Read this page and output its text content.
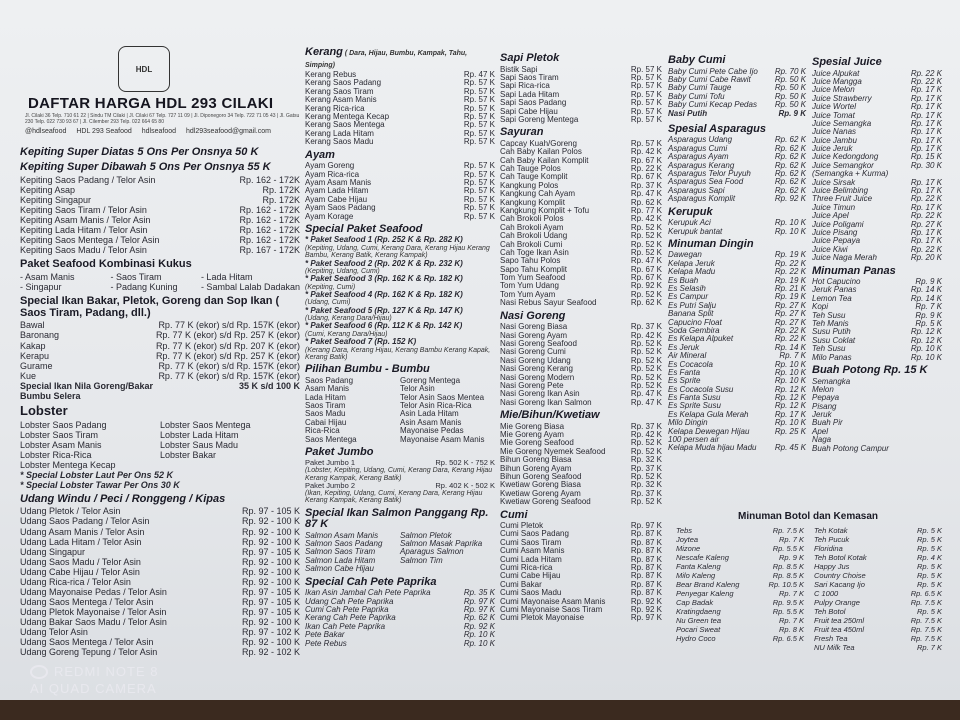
HDL
DAFTAR HARGA HDL 293 CILAKI
Jl. Cilaki 36 Telp. 710 61 22 | Sindu TM Cilaki | Jl. Cilaki 67 Telp. 727 11 09 | Jl. Diponegoro 34 Telp. 722 71 05 43 | Jl. Gatsu 230 Telp. 022 730 93 67 | Jl. Cilember 293 Telp. 022 664 65 80
@hdlseafood HDL 293 Seafood hdlseafood hdl293seafood@gmail.com
Kepiting Super Diatas 5 Ons Per Onsnya 50 K
Kepiting Super Dibawah 5 Ons Per Onsnya 55 K
Kepiting Saos Padang / Telor Asin	Rp. 162 - 172K
Kepiting Asap	Rp. 172K
Kepiting Singapur	Rp. 172K
Kepiting Saos Tiram / Telor Asin	Rp. 162 - 172K
Kepiting Asam Manis / Telor Asin	Rp. 162 - 172K
Kepiting Lada Hitam / Telor Asin	Rp. 162 - 172K
Kepiting Saos Mentega / Telor Asin	Rp. 162 - 172K
Kepiting Saos Madu / Telor Asin	Rp. 167 - 172K
Paket Seafood Kombinasi Kukus
- Asam Manis	- Saos Tiram	- Lada Hitam
- Singapur	- Padang Kuning	- Sambal Lalab Dadakan
Special Ikan Bakar, Pletok, Goreng dan Sop Ikan ( Saos Tiram, Padang, dll.)
Bawal	Rp. 77 K (ekor) s/d Rp. 157K (ekor)
Baronang	Rp. 77 K (ekor) s/d Rp. 257 K (ekor)
Kakap	Rp. 77 K (ekor) s/d Rp. 207 K (ekor)
Kerapu	Rp. 77 K (ekor) s/d Rp. 257 K (ekor)
Gurame	Rp. 77 K (ekor) s/d Rp. 157K (ekor)
Kue	Rp. 77 K (ekor) s/d Rp. 157K (ekor)
Special Ikan Nila Goreng/Bakar	35 K s/d 100 K
Bumbu Selera
Lobster
Lobster Saos Padang	Lobster Saos Mentega
Lobster Saos Tiram	Lobster Lada Hitam
Lobster Asam Manis	Lobster Saus Madu
Lobster Rica-Rica	Lobster Bakar
Lobster Mentega Kecap
* Special Lobster Laut Per Ons 52 K
* Special Lobster Tawar Per Ons 30 K
Udang Windu / Peci / Ronggeng / Kipas
Udang Pletok / Telor Asin	Rp. 97 - 105 K
Udang Saos Padang / Telor Asin	Rp. 92 - 100 K
Udang Asam Manis / Telor Asin	Rp. 92 - 100 K
Udang Lada Hitam / Telor Asin	Rp. 92 - 100 K
Udang Singapur	Rp. 97 - 105 K
Udang Saos Madu / Telor Asin	Rp. 92 - 100 K
Udang Cabe Hijau / Telor Asin	Rp. 92 - 100 K
Udang Rica-rica / Telor Asin	Rp. 92 - 100 K
Udang Mayonaise Pedas / Telor Asin	Rp. 97 - 105 K
Udang Saos Mentega / Telor Asin	Rp. 97 - 105 K
Udang Pletok Mayonaise / Telor Asin	Rp. 97 - 105 K
Udang Bakar Saos Madu / Telor Asin	Rp. 92 - 100 K
Udang Telor Asin	Rp. 97 - 102 K
Udang Saos Mentega / Telor Asin	Rp. 92 - 100 K
Udang Goreng Tepung / Telor Asin	Rp. 92 - 102 K
Kerang ( Dara, Hijau, Bumbu, Kampak, Tahu, Simping)
Kerang Rebus	Rp. 47 K
Kerang Saos Padang	Rp. 57 K
Kerang Saos Tiram	Rp. 57 K
Kerang Asam Manis	Rp. 57 K
Kerang Rica-rica	Rp. 57 K
Kerang Mentega Kecap	Rp. 57 K
Kerang Saos Mentega	Rp. 57 K
Kerang Lada Hitam	Rp. 57 K
Kerang Saos Madu	Rp. 57 K
Ayam
Ayam Goreng	Rp. 57 K
Ayam Rica-rica	Rp. 57 K
Ayam Asam Manis	Rp. 57 K
Ayam Lada Hitam	Rp. 57 K
Ayam Cabe Hijau	Rp. 57 K
Ayam Saos Padang	Rp. 57 K
Ayam Korage	Rp. 57 K
Special Paket Seafood
* Paket Seafood 1 (Rp. 252 K & Rp. 282 K)
(Kepiting, Udang, Cumi, Kerang Dara, Kerang Hijau Kerang Bambu, Kerang Batik, Kerang Kampak)
* Paket Seafood 2 (Rp. 202 K & Rp. 232 K)
(Kepiting, Udang, Cumi)
* Paket Seafood 3 (Rp. 162 K & Rp. 182 K)
(Kepiting, Cumi)
* Paket Seafood 4 (Rp. 162 K & Rp. 182 K)
(Udang, Cumi)
* Paket Seafood 5 (Rp. 127 K & Rp. 147 K)
(Udang, Kerang Dara/Hijau)
* Paket Seafood 6 (Rp. 112 K & Rp. 142 K)
(Cumi, Kerang Dara/Hijau)
* Paket Seafood 7 (Rp. 152 K)
(Kerang Dara, Kerang Hijau, Kerang Bambu Kerang Kapak, Kerang Batik)
Pilihan Bumbu - Bumbu
Saos Padang	Goreng Mentega
Asam Manis	Telor Asin
Lada Hitam	Telor Asin Saos Mentea
Saos Tiram	Telor Asin Rica-Rica
Saos Madu	Asin Lada Hitam
Cabai Hijau	Asin Asam Manis
Rica-Rica	Mayonaise Pedas
Saos Mentega	Mayonaise Asam Manis
Paket Jumbo
Paket Jumbo 1	Rp. 502 K - 752 K
(Lobster, Kepiting, Udang, Cumi, Kerang Dara, Kerang Hijau Kerang Kampak, Kerang Batik)
Paket Jumbo 2	Rp. 402 K - 502 K
(Ikan, Kepiting, Udang, Cumi, Kerang Dara, Kerang Hijau Kerang Kampak, Kerang Batik)
Special Ikan Salmon Panggang Rp. 87 K
Salmon Asam Manis	Salmon Pletok
Salmon Saos Padang	Salmon Masak Paprika
Salmon Saos Tiram	Aparagus Salmon
Salmon Lada Hitam	Salmon Tim
Salmon Cabe Hijau
Special Cah Pete Paprika
Ikan Asin Jambal Cah Pete Paprika	Rp. 35 K
Udang Cah Pete Paprika	Rp. 97 K
Cumi Cah Pete Paprika	Rp. 97 K
Kerang Cah Pete Paprika	Rp. 62 K
Ikan Cah Pete Paprika	Rp. 92 K
Pete Bakar	Rp. 10 K
Pete Rebus	Rp. 10 K
Sapi Pletok
Bistik Sapi	Rp. 57 K
Sapi Saos Tiram	Rp. 57 K
Sapi Rica-rica	Rp. 57 K
Sapi Lada Hitam	Rp. 57 K
Sapi Saos Padang	Rp. 57 K
Sapi Cabe Hijau	Rp. 57 K
Sapi Goreng Mentega	Rp. 57 K
Sayuran
Capcay Kuah/Goreng	Rp. 57 K
Cah Baby Kailan Polos	Rp. 42 K
Cah Baby Kailan Komplit	Rp. 67 K
Cah Tauge Polos	Rp. 22 K
Cah Tauge Komplit	Rp. 67 K
Kangkung Polos	Rp. 37 K
Kangkung Cah Ayam	Rp. 47 K
Kangkung Komplit	Rp. 62 K
Kangkung Komplit + Tofu	Rp. 77 K
Cah Brokoli Polos	Rp. 42 K
Cah Brokoli Ayam	Rp. 52 K
Cah Brokoli Udang	Rp. 52 K
Cah Brokoli Cumi	Rp. 52 K
Cah Toge Ikan Asin	Rp. 52 K
Sapo Tahu Polos	Rp. 47 K
Sapo Tahu Komplit	Rp. 67 K
Tom Yum Seafood	Rp. 67 K
Tom Yum Udang	Rp. 92 K
Tom Yum Ayam	Rp. 52 K
Nasi Rebus Sayur Seafood	Rp. 62 K
Nasi Goreng
Nasi Goreng Biasa	Rp. 37 K
Nasi Goreng Ayam	Rp. 42 K
Nasi Goreng Seafood	Rp. 52 K
Nasi Goreng Cumi	Rp. 52 K
Nasi Goreng Udang	Rp. 52 K
Nasi Goreng Kerang	Rp. 52 K
Nasi Goreng Modern	Rp. 52 K
Nasi Goreng Pete	Rp. 52 K
Nasi Goreng Ikan Asin	Rp. 47 K
Nasi Goreng Ikan Salmon	Rp. 47 K
Mie/Bihun/Kwetiaw
Mie Goreng Biasa	Rp. 37 K
Mie Goreng Ayam	Rp. 42 K
Mie Goreng Seafood	Rp. 52 K
Mie Goreng Nyemek Seafood	Rp. 52 K
Bihun Goreng Biasa	Rp. 32 K
Bihun Goreng Ayam	Rp. 37 K
Bihun Goreng Seafood	Rp. 52 K
Kwetiaw Goreng Biasa	Rp. 32 K
Kwetiaw Goreng Ayam	Rp. 37 K
Kwetiaw Goreng Seafood	Rp. 52 K
Cumi
Cumi Pletok	Rp. 97 K
Cumi Saos Padang	Rp. 87 K
Cumi Saos Tiram	Rp. 87 K
Cumi Asam Manis	Rp. 87 K
Cumi Lada Hitam	Rp. 87 K
Cumi Rica-rica	Rp. 87 K
Cumi Cabe Hijau	Rp. 87 K
Cumi Bakar	Rp. 87 K
Cumi Saos Madu	Rp. 87 K
Cumi Mayonaise Asam Manis	Rp. 92 K
Cumi Mayonaise Saos Tiram	Rp. 92 K
Cumi Pletok Mayonaise	Rp. 97 K
Baby Cumi
Baby Cumi Pete Cabe Ijo Rp. 70 K
Baby Cumi Cabe Rawit	Rp. 50 K
Baby Cumi Tauge	Rp. 50 K
Baby Cumi Tofu	Rp. 50 K
Baby Cumi Kecap Pedas Rp. 50 K
Nasi Putih	Rp. 9 K
Spesial Asparagus
Asparagus Udang	Rp. 62 K
Asparagus Cumi	Rp. 62 K
Asparagus Ayam	Rp. 62 K
Asparagus Kerang	Rp. 62 K
Asparagus Telor Puyuh	Rp. 62 K
Asparagus Sea Food	Rp. 62 K
Asparagus Sapi	Rp. 62 K
Asparagus Komplit	Rp. 92 K
Kerupuk
Kerupuk Aci	Rp. 10 K
Kerupuk bantat	Rp. 10 K
Minuman Dingin
Dawegan	Rp. 19 K
Kelapa Jeruk	Rp. 22 K
Kelapa Madu	Rp. 22 K
Es Buah	Rp. 19 K
Es Selasih	Rp. 21 K
Es Campur	Rp. 19 K
Es Putri Salju	Rp. 27 K
Banana Split	Rp. 27 K
Capucino Float	Rp. 27 K
Soda Gembira	Rp. 22 K
Es Kelapa Alpuket	Rp. 22 K
Es Jeruk	Rp. 14 K
Air Mineral	Rp. 7 K
Es Cocacola	Rp. 10 K
Es Fanta	Rp. 10 K
Es Sprite	Rp. 10 K
Es Cocacola Susu	Rp. 12 K
Es Fanta Susu	Rp. 12 K
Es Sprite Susu	Rp. 12 K
Es Kelapa Gula Merah	Rp. 17 K
Milo Dingin	Rp. 10 K
Kelapa Dewegan Hijau	Rp. 25 K
100 persen air
Kelapa Muda hijau Madu Rp. 45 K
Spesial Juice
Juice Alpukat	Rp. 22 K
Juice Mangga	Rp. 22 K
Juice Melon	Rp. 17 K
Juice Strawberry	Rp. 17 K
Juice Wortel	Rp. 17 K
Juice Tomat	Rp. 17 K
Juice Semangka	Rp. 17 K
Juice Nanas	Rp. 17 K
Juice Jambu	Rp. 17 K
Juice Jeruk	Rp. 17 K
Juice Kedongdong	Rp. 15 K
Juice Semangkor	Rp. 30 K
(Semangka + Kurma)
Juice Sirsak	Rp. 17 K
Juice Belimbing	Rp. 17 K
Three Fruit Juice	Rp. 22 K
Juice Timun	Rp. 17 K
Juice Apel	Rp. 22 K
Juice Poligami	Rp. 27 K
Juice Pisang	Rp. 17 K
Juice Pepaya	Rp. 17 K
Juice Kiwi	Rp. 22 K
Juice Naga Merah	Rp. 20 K
Minuman Panas
Hot Capucino	Rp. 9 K
Jeruk Panas	Rp. 14 K
Lemon Tea	Rp. 14 K
Kopi	Rp. 7 K
Teh Susu	Rp. 9 K
Teh Manis	Rp. 5 K
Susu Putih	Rp. 12 K
Susu Coklat	Rp. 12 K
Teh Susu	Rp. 10 K
Milo Panas	Rp. 10 K
Buah Potong Rp. 15 K
Semangka
Melon
Pepaya
Pisang
Jeruk
Buah Pir
Apel
Naga
Buah Potong Campur
Minuman Botol dan Kemasan
Tebs	Rp. 7.5 K
Joytea	Rp. 7 K
Mizone	Rp. 5.5 K
Nescafe Kaleng	Rp. 9 K
Fanta Kaleng	Rp. 8.5 K
Milo Kaleng	Rp. 8.5 K
Bear Brand Kaleng	Rp. 10.5 K
Penyegar Kaleng	Rp. 7 K
Cap Badak	Rp. 9.5 K
Kratingdaeng	Rp. 5.5 K
Nu Green tea	Rp. 7 K
Pocari Sweat	Rp. 8 K
Hydro Coco	Rp. 6.5 K
Teh Kotak	Rp. 5 K
Teh Pucuk	Rp. 5 K
Floridina	Rp. 5 K
Teh Botol Kotak	Rp. 4 K
Happy Jus	Rp. 5 K
Country Choise	Rp. 5 K
Sari Kacang Ijo	Rp. 5 K
C 1000	Rp. 6.5 K
Pulpy Orange	Rp. 7.5 K
Teh Botol	Rp. 5 K
Fruit tea 250ml	Rp. 7.5 K
Fruit tea 450ml	Rp. 7.5 K
Fresh Tea	Rp. 7.5 K
NU Milk Tea	Rp. 7 K
REDMI NOTE 8
AI QUAD CAMERA
